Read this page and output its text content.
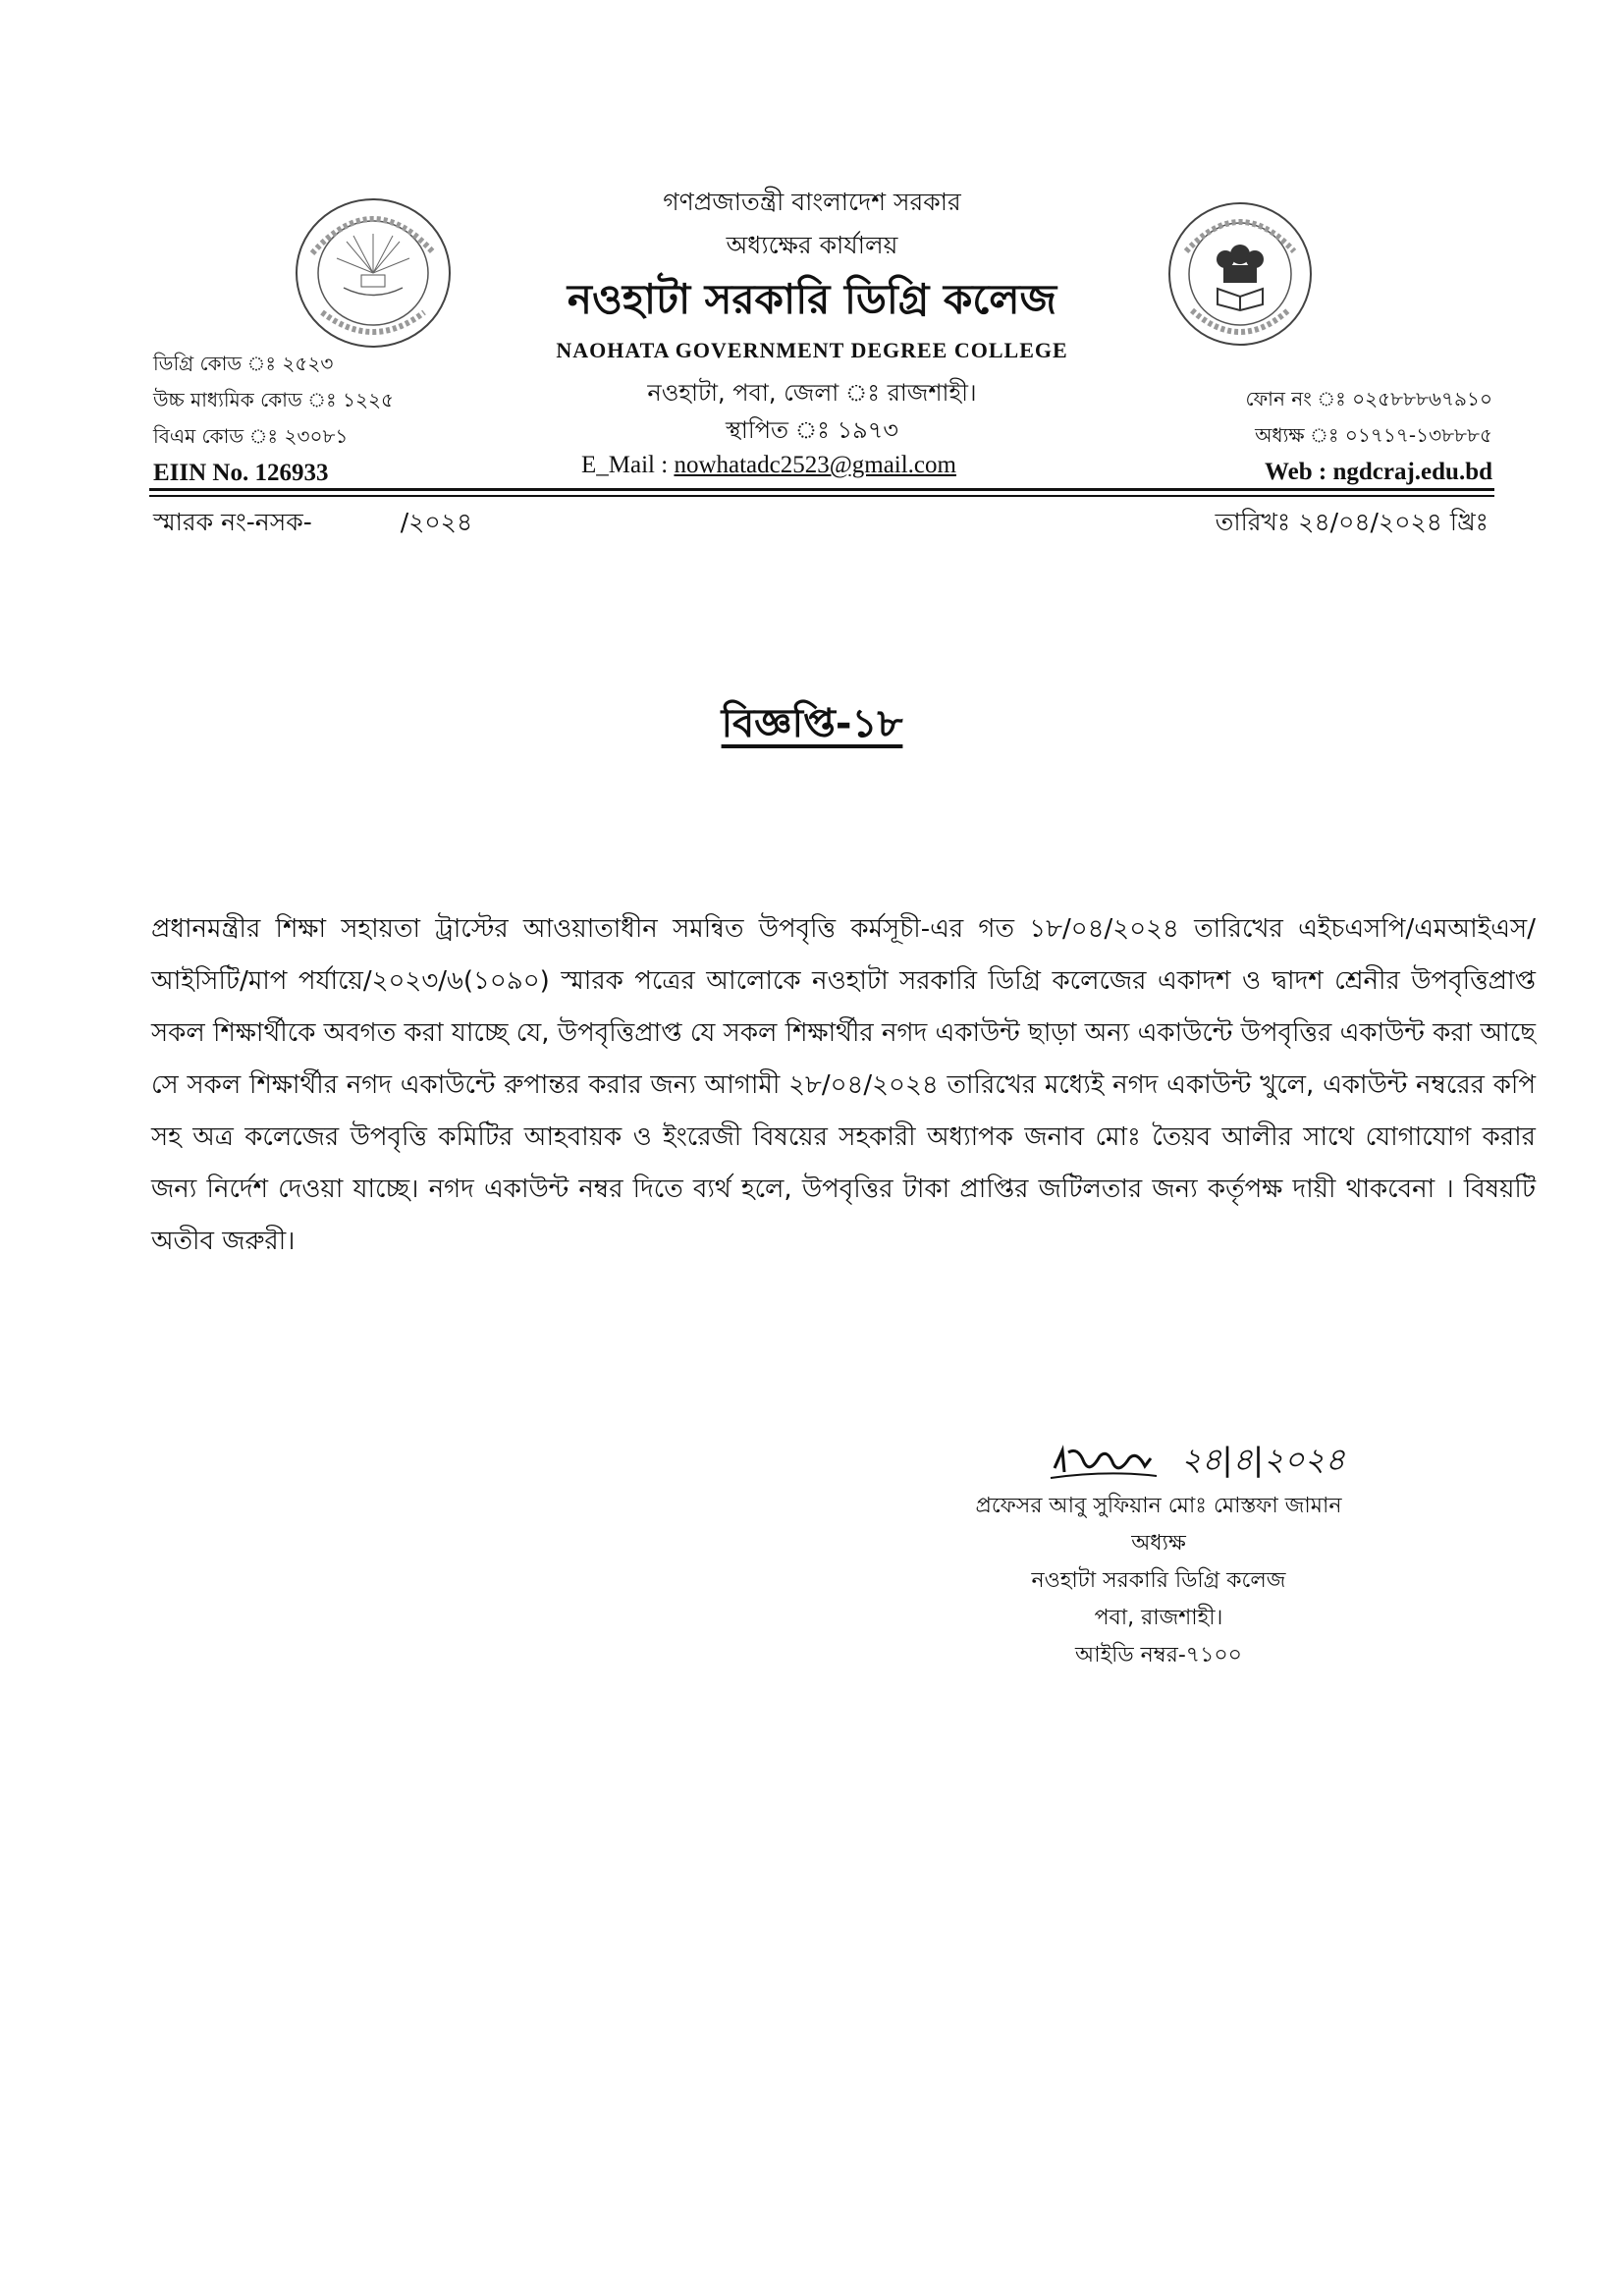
গণপ্রজাতন্ত্রী বাংলাদেশ সরকার
অধ্যক্ষের কার্যালয়
নওহাটা সরকারি ডিগ্রি কলেজ
NAOHATA GOVERNMENT DEGREE COLLEGE
নওহাটা, পবা, জেলা ঃ রাজশাহী।
স্থাপিত ঃ ১৯৭৩
E_Mail : nowhatadc2523@gmail.com
ডিগ্রি কোড ঃ ২৫২৩
উচ্চ মাধ্যমিক কোড ঃ ১২২৫
বিএম কোড ঃ ২৩০৮১
EIIN No. 126933
ফোন নং ঃ ০২৫৮৮৮৬৭৯১০
অধ্যক্ষ ঃ ০১৭১৭-১৩৮৮৮৫
Web : ngdcraj.edu.bd
স্মারক নং-নসক-	/২০২৪	তারিখঃ ২৪/০৪/২০২৪ খ্রিঃ
বিজ্ঞপ্তি-১৮
প্রধানমন্ত্রীর শিক্ষা সহায়তা ট্রাস্টের আওয়াতাধীন সমন্বিত উপবৃত্তি কর্মসূচী-এর গত ১৮/০৪/২০২৪ তারিখের এইচএসপি/এমআইএস/আইসিটি/মাপ পর্যায়ে/২০২৩/৬(১০৯০) স্মারক পত্রের আলোকে নওহাটা সরকারি ডিগ্রি কলেজের একাদশ ও দ্বাদশ শ্রেনীর উপবৃত্তিপ্রাপ্ত সকল শিক্ষার্থীকে অবগত করা যাচ্ছে যে, উপবৃত্তিপ্রাপ্ত যে সকল শিক্ষার্থীর নগদ একাউন্ট ছাড়া অন্য একাউন্টে উপবৃত্তির একাউন্ট করা আছে সে সকল শিক্ষার্থীর নগদ একাউন্টে রুপান্তর করার জন্য আগামী ২৮/০৪/২০২৪ তারিখের মধ্যেই নগদ একাউন্ট খুলে, একাউন্ট নম্বরের কপি সহ অত্র কলেজের উপবৃত্তি কমিটির আহবায়ক ও ইংরেজী বিষয়ের সহকারী অধ্যাপক জনাব মোঃ তৈয়ব আলীর সাথে যোগাযোগ করার জন্য নির্দেশ দেওয়া যাচ্ছে। নগদ একাউন্ট নম্বর দিতে ব্যর্থ হলে, উপবৃত্তির টাকা প্রাপ্তির জটিলতার জন্য কর্তৃপক্ষ দায়ী থাকবেনা । বিষয়টি অতীব জরুরী।
২৪|৪|২০২৪
প্রফেসর আবু সুফিয়ান মোঃ মোস্তফা জামান
অধ্যক্ষ
নওহাটা সরকারি ডিগ্রি কলেজ
পবা, রাজশাহী।
আইডি নম্বর-৭১০০
